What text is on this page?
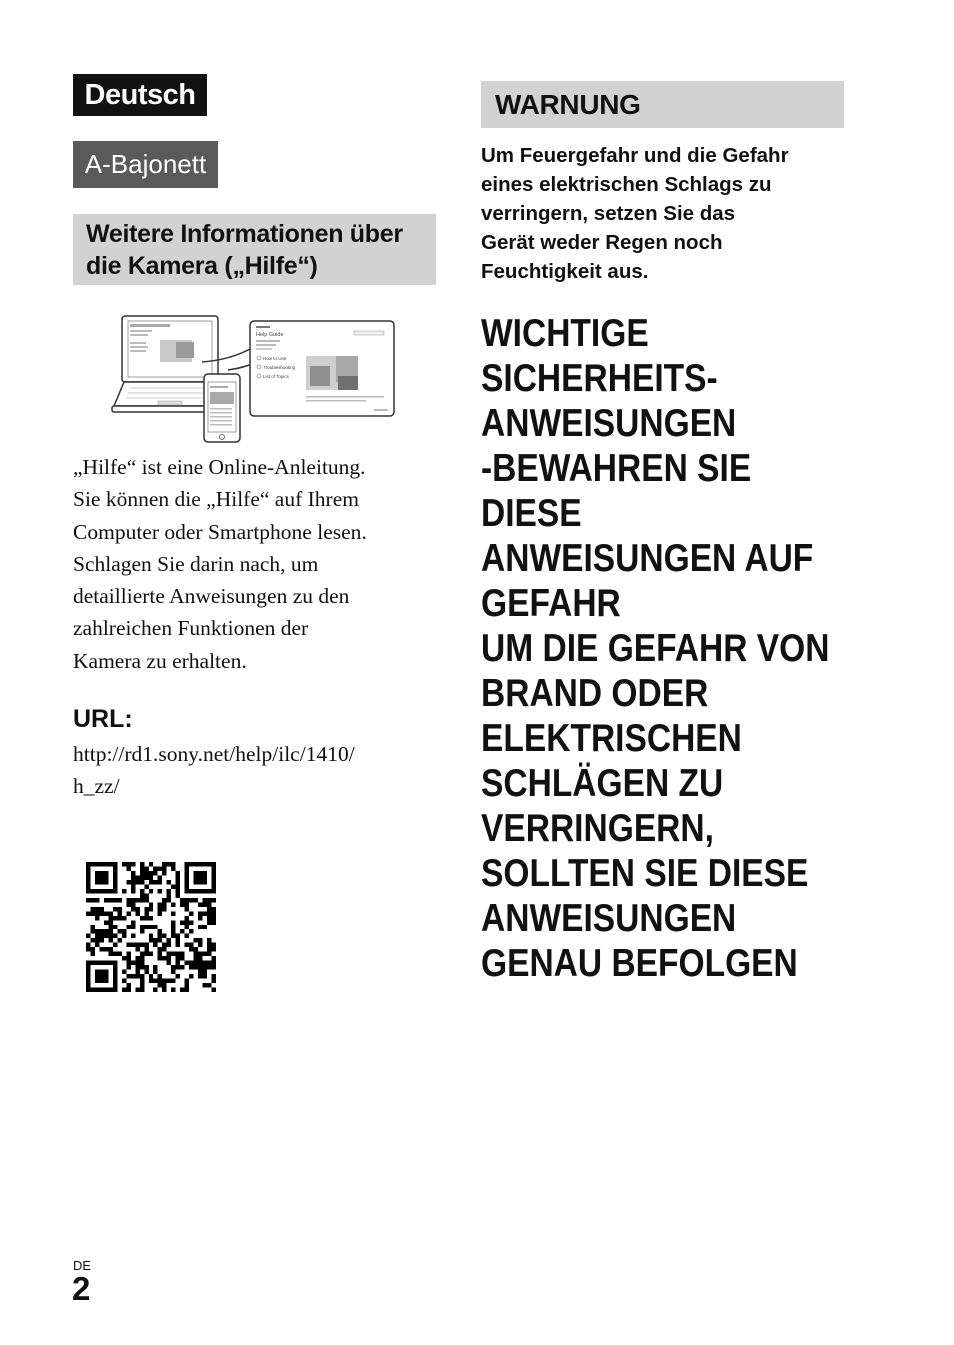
Deutsch
A-Bajonett
Weitere Informationen über
die Kamera („Hilfe“)
Help Guide
How to Use
Troubleshooting
List of Topics
„Hilfe“ ist eine Online-Anleitung.
Sie können die „Hilfe“ auf Ihrem
Computer oder Smartphone lesen.
Schlagen Sie darin nach, um
detaillierte Anweisungen zu den
zahlreichen Funktionen der
Kamera zu erhalten.
URL:
http://rd1.sony.net/help/ilc/1410/
h_zz/
WARNUNG
Um Feuergefahr und die Gefahr
eines elektrischen Schlags zu
verringern, setzen Sie das
Gerät weder Regen noch
Feuchtigkeit aus.
WICHTIGE
SICHERHEITS-
ANWEISUNGEN
-BEWAHREN SIE
DIESE
ANWEISUNGEN AUF
GEFAHR
UM DIE GEFAHR VON
BRAND ODER
ELEKTRISCHEN
SCHLÄGEN ZU
VERRINGERN,
SOLLTEN SIE DIESE
ANWEISUNGEN
GENAU BEFOLGEN
DE
2
